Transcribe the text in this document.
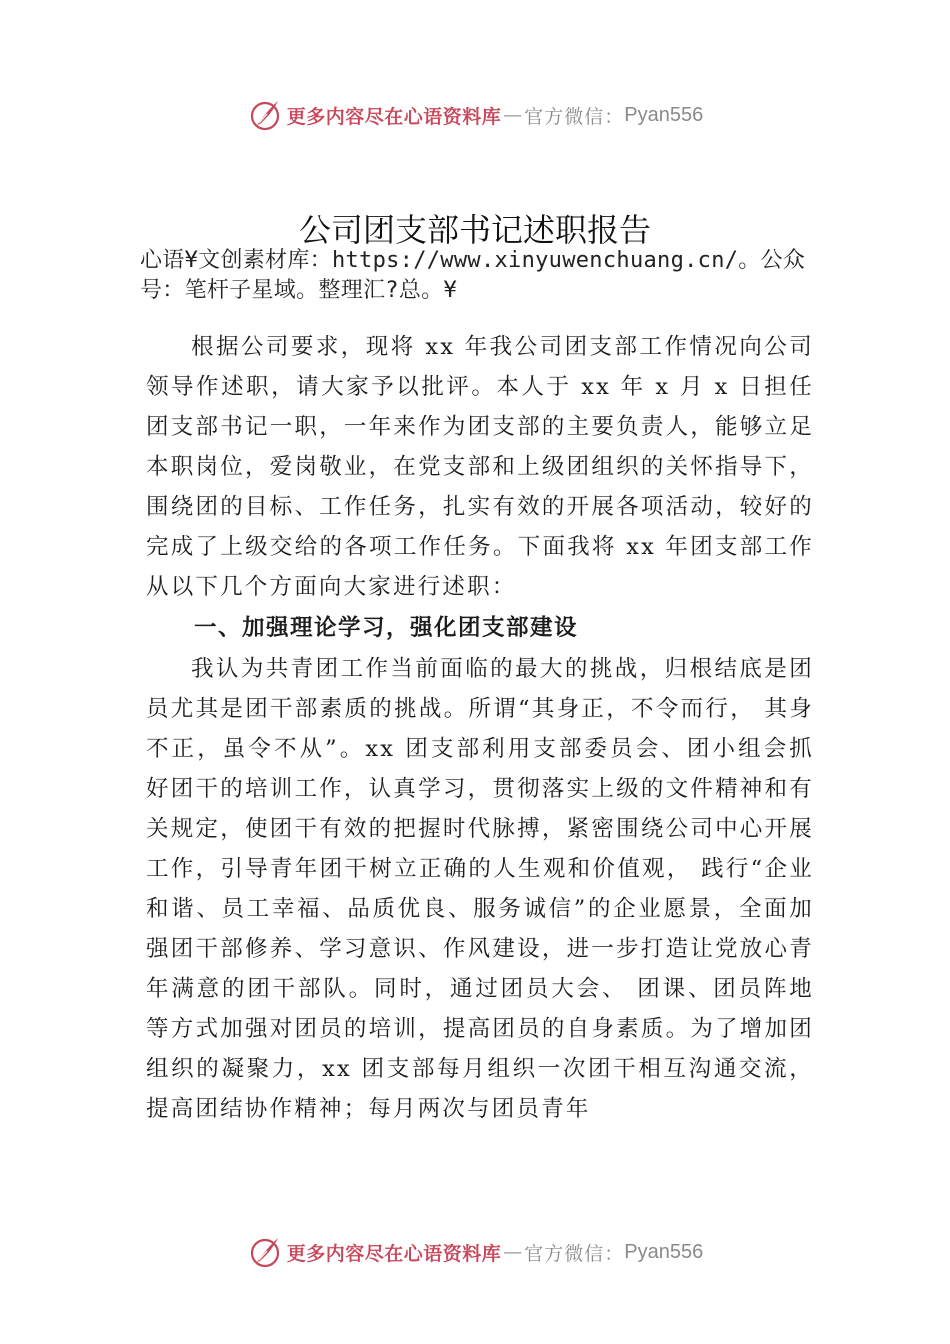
更多内容尽在心语资料库 — 官方微信： Pyan556
公司团支部书记述职报告
心语¥文创素材库：https://www.xinyuwenchuang.cn/。公众号：笔杆子星域。整理汇?总。¥

根据公司要求，现将 xx 年我公司团支部工作情况向公司领导作述职，请大家予以批评。本人于 xx 年 x 月 x 日担任团支部书记一职，一年来作为团支部的主要负责人，能够立足本职岗位，爱岗敬业，在党支部和上级团组织的关怀指导下，围绕团的目标、工作任务，扎实有效的开展各项活动，较好的完成了上级交给的各项工作任务。下面我将 xx 年团支部工作从以下几个方面向大家进行述职：

一、加强理论学习，强化团支部建设

我认为共青团工作当前面临的最大的挑战，归根结底是团员尤其是团干部素质的挑战。所谓“其身正，不令而行， 其身不正，虽令不从”。xx 团支部利用支部委员会、团小组会抓好团干的培训工作，认真学习，贯彻落实上级的文件精神和有关规定，使团干有效的把握时代脉搏，紧密围绕公司中心开展工作，引导青年团干树立正确的人生观和价值观， 践行“企业和谐、员工幸福、品质优良、服务诚信”的企业愿景，全面加强团干部修养、学习意识、作风建设，进一步打造让党放心青年满意的团干部队。同时，通过团员大会、 团课、团员阵地等方式加强对团员的培训，提高团员的自身素质。为了增加团组织的凝聚力，xx 团支部每月组织一次团干相互沟通交流，提高团结协作精神；每月两次与团员青年

更多内容尽在心语资料库 — 官方微信： Pyan556
